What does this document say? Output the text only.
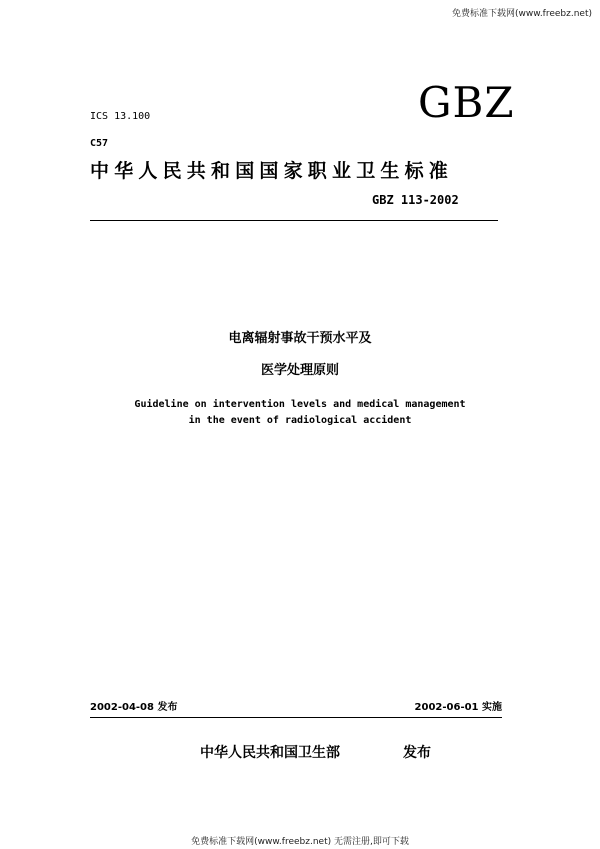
免费标准下载网(www.freebz.net)
ICS 13.100	GBZ
C57
中华人民共和国国家职业卫生标准
GBZ 113-2002
电离辐射事故干预水平及
医学处理原则
Guideline on intervention levels and medical management
in the event of radiological accident
2002-04-08 发布	2002-06-01 实施
中华人民共和国卫生部	发布
免费标准下载网(www.freebz.net) 无需注册,即可下载
